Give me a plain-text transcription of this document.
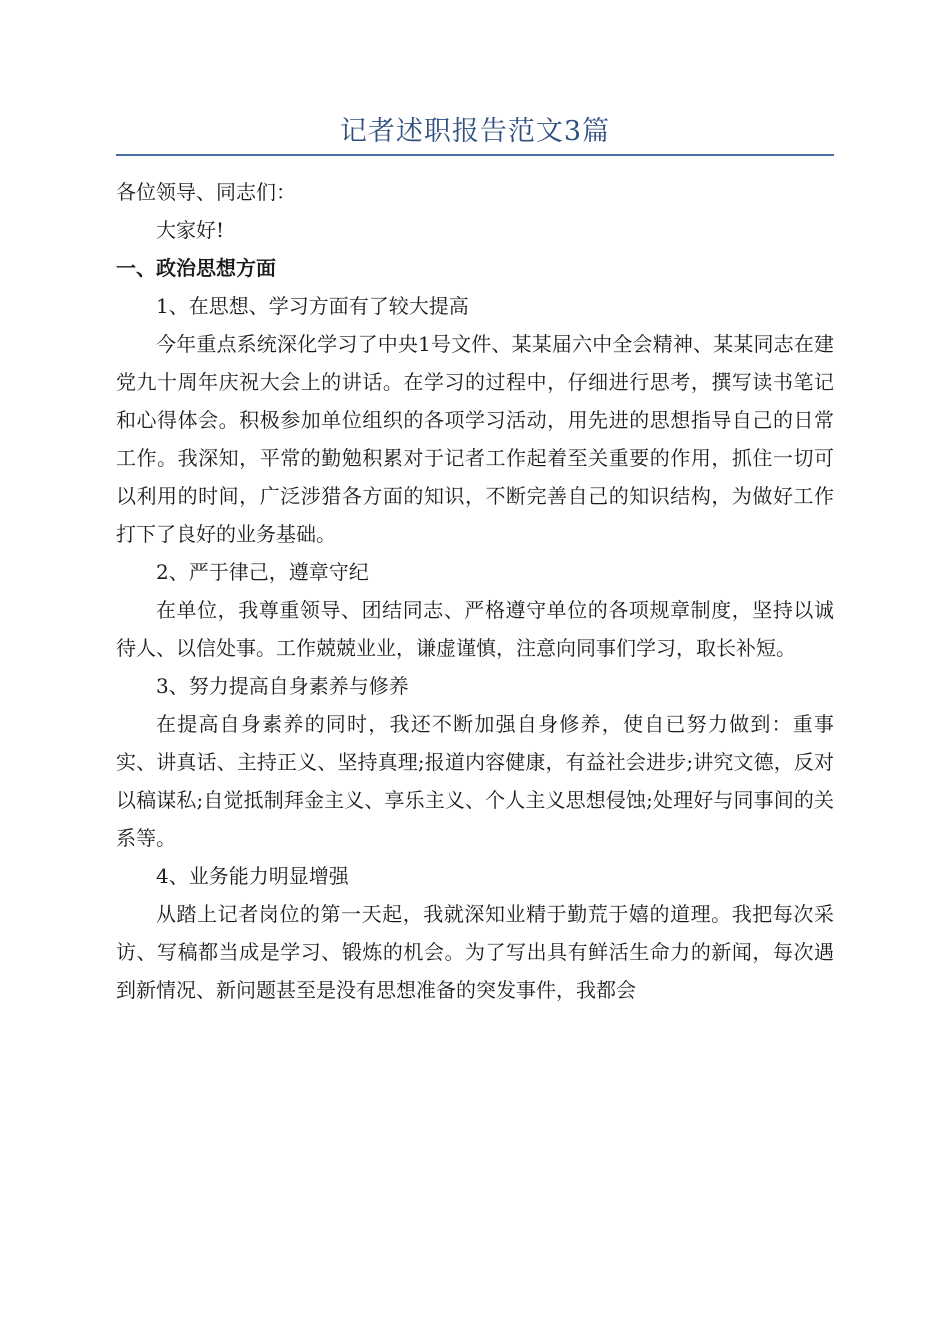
记者述职报告范文3篇

各位领导、同志们：

大家好!

一、政治思想方面

1、在思想、学习方面有了较大提高

今年重点系统深化学习了中央1号文件、某某届六中全会精神、某某同志在建党九十周年庆祝大会上的讲话。在学习的过程中，仔细进行思考，撰写读书笔记和心得体会。积极参加单位组织的各项学习活动，用先进的思想指导自己的日常工作。我深知，平常的勤勉积累对于记者工作起着至关重要的作用，抓住一切可以利用的时间，广泛涉猎各方面的知识，不断完善自己的知识结构，为做好工作打下了良好的业务基础。

2、严于律己，遵章守纪

在单位，我尊重领导、团结同志、严格遵守单位的各项规章制度，坚持以诚待人、以信处事。工作兢兢业业，谦虚谨慎，注意向同事们学习，取长补短。

3、努力提高自身素养与修养

在提高自身素养的同时，我还不断加强自身修养，使自已努力做到：重事实、讲真话、主持正义、坚持真理;报道内容健康，有益社会进步;讲究文德，反对以稿谋私;自觉抵制拜金主义、享乐主义、个人主义思想侵蚀;处理好与同事间的关系等。

4、业务能力明显增强

从踏上记者岗位的第一天起，我就深知业精于勤荒于嬉的道理。我把每次采访、写稿都当成是学习、锻炼的机会。为了写出具有鲜活生命力的新闻，每次遇到新情况、新问题甚至是没有思想准备的突发事件，我都会
